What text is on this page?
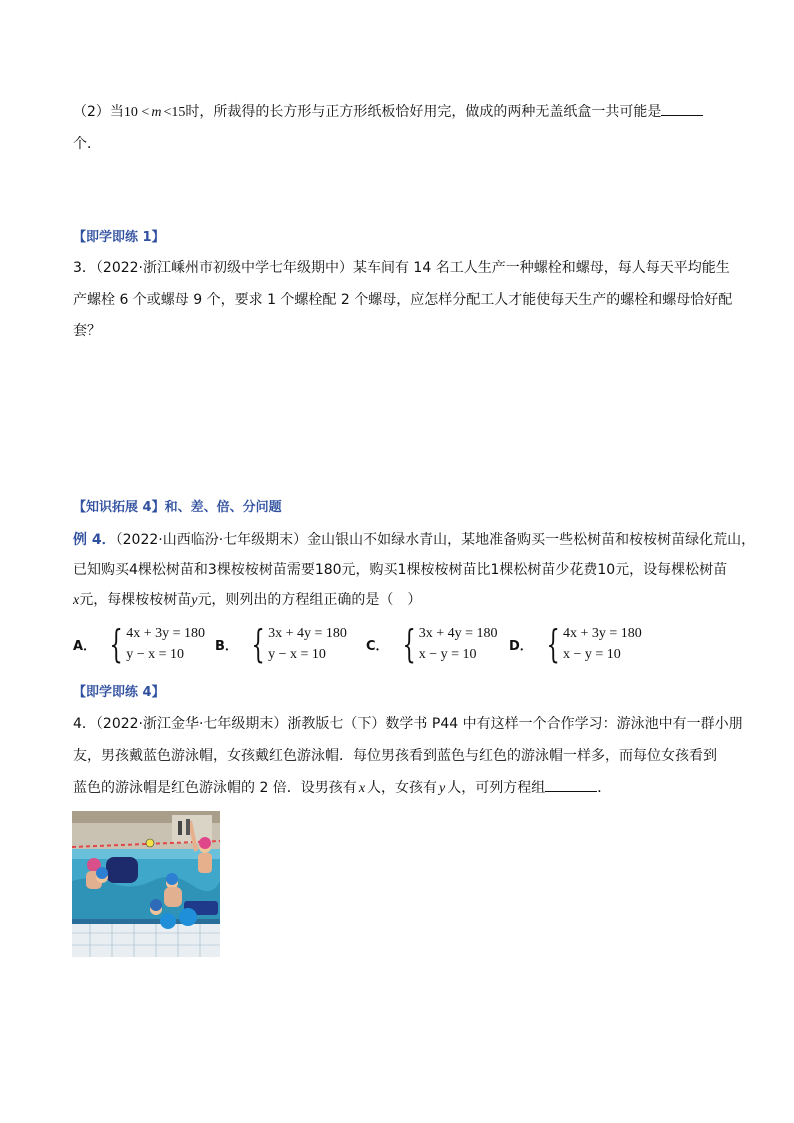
（2）当10 < m <15时，所裁得的长方形与正方形纸板恰好用完，做成的两种无盖纸盒一共可能是
个．
【即学即练 1】
3．（2022·浙江嵊州市初级中学七年级期中）某车间有 14 名工人生产一种螺栓和螺母，每人每天平均能生
产螺栓 6 个或螺母 9 个，要求 1 个螺栓配 2 个螺母，应怎样分配工人才能使每天生产的螺栓和螺母恰好配
套？
【知识拓展 4】和、差、倍、分问题
例 4．（2022·山西临汾·七年级期末）金山银山不如绿水青山，某地准备购买一些松树苗和桉桉树苗绿化荒山，
已知购买4棵松树苗和3棵桉桉树苗需要180元，购买1棵桉桉树苗比1棵松树苗少花费10元，设每棵松树苗
x元，每棵桉桉树苗y元，则列出的方程组正确的是（　）
A． { 4x + 3y = 180
y − x = 10
B． { 3x + 4y = 180
y − x = 10
C． { 3x + 4y = 180
x − y = 10
D． { 4x + 3y = 180
x − y = 10
【即学即练 4】
4．（2022·浙江金华·七年级期末）浙教版七（下）数学书 P44 中有这样一个合作学习：游泳池中有一群小朋
友，男孩戴蓝色游泳帽，女孩戴红色游泳帽．每位男孩看到蓝色与红色的游泳帽一样多，而每位女孩看到
蓝色的游泳帽是红色游泳帽的 2 倍．设男孩有 x 人，女孩有 y 人，可列方程组	．
